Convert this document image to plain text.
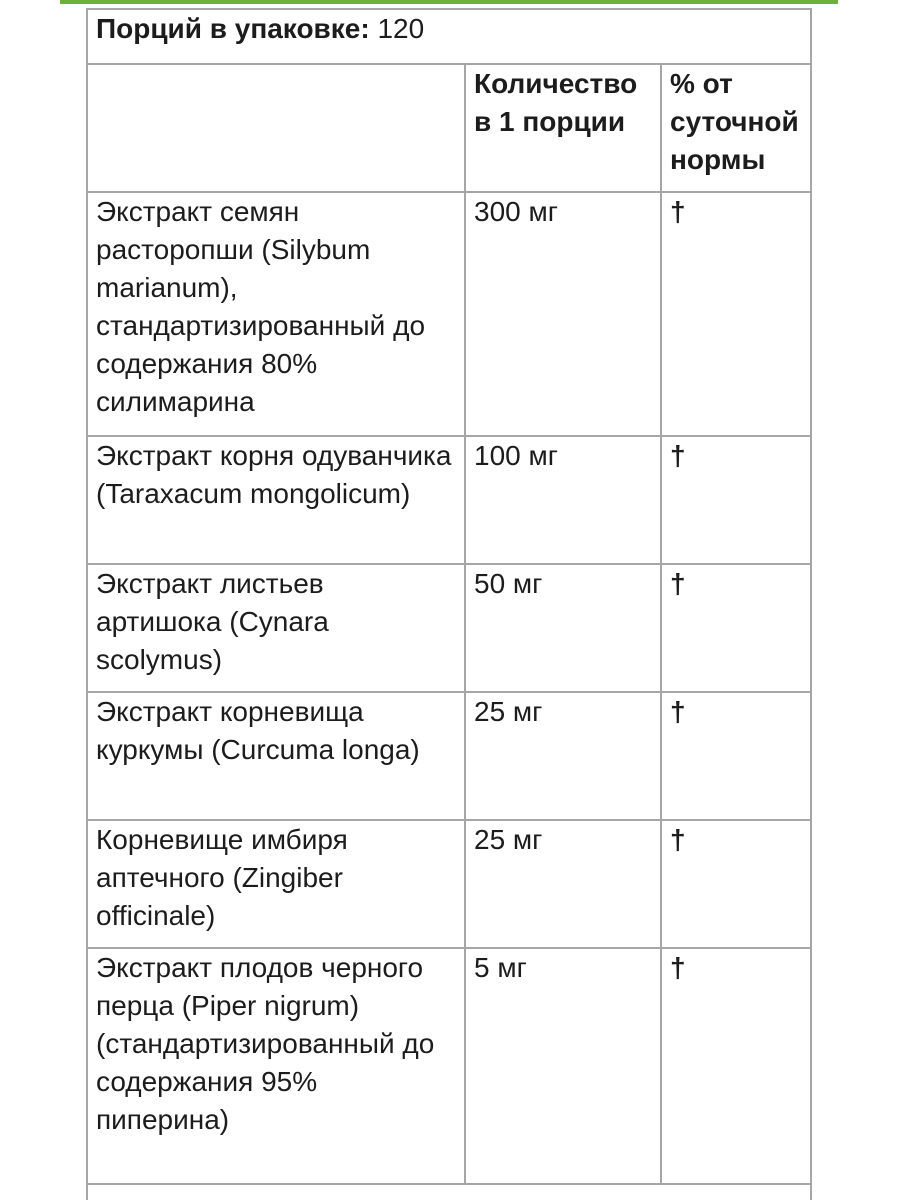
Порций в упаковке: 120		
	Количество в 1 порции	% от суточной нормы
Экстракт семян расторопши (Silybum marianum), стандартизированный до содержания 80% силимарина	300 мг	†
Экстракт корня одуванчика (Taraxacum mongolicum)	100 мг	†
Экстракт листьев артишока (Cynara scolymus)	50 мг	†
Экстракт корневища куркумы (Curcuma longa)	25 мг	†
Корневище имбиря аптечного (Zingiber officinale)	25 мг	†
Экстракт плодов черного перца (Piper nigrum) (стандартизированный до содержания 95% пиперина)	5 мг	†
